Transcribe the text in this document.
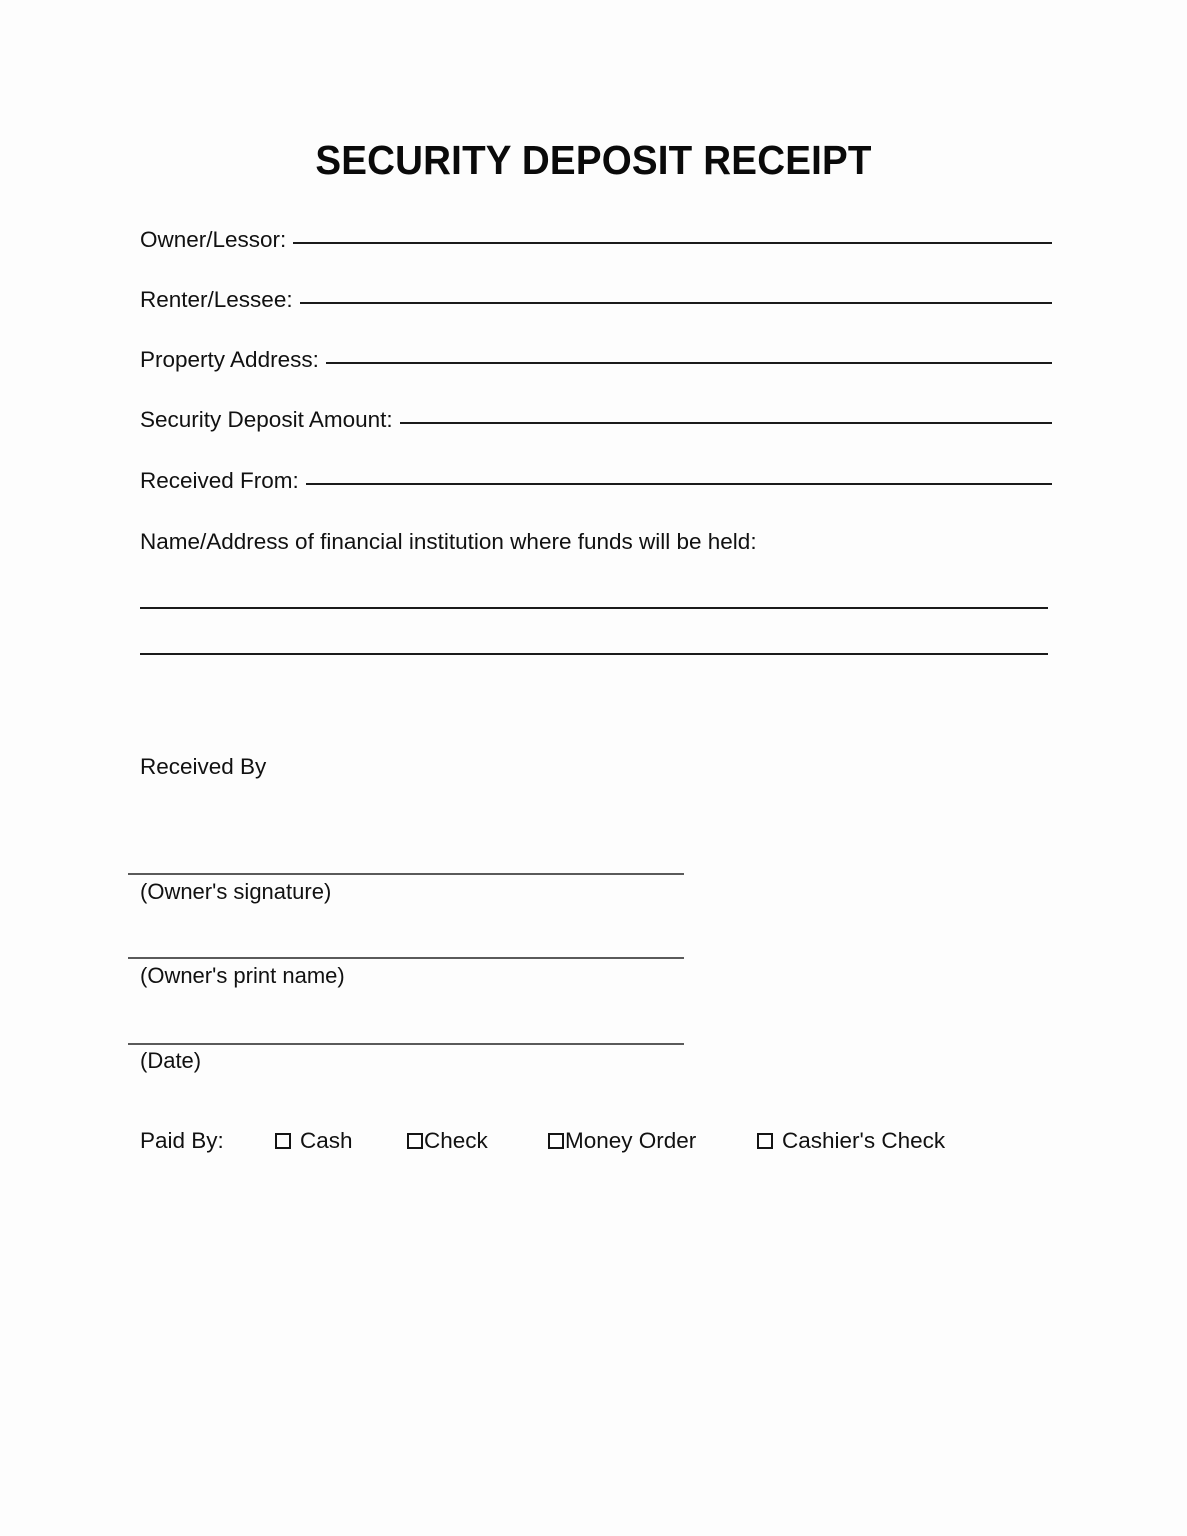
SECURITY DEPOSIT RECEIPT
Owner/Lessor:
Renter/Lessee:
Property Address:
Security Deposit Amount:
Received From:
Name/Address of financial institution where funds will be held:
Received By
(Owner's signature)
(Owner's print name)
(Date)
Paid By:	Cash	Check	Money Order	Cashier's Check
